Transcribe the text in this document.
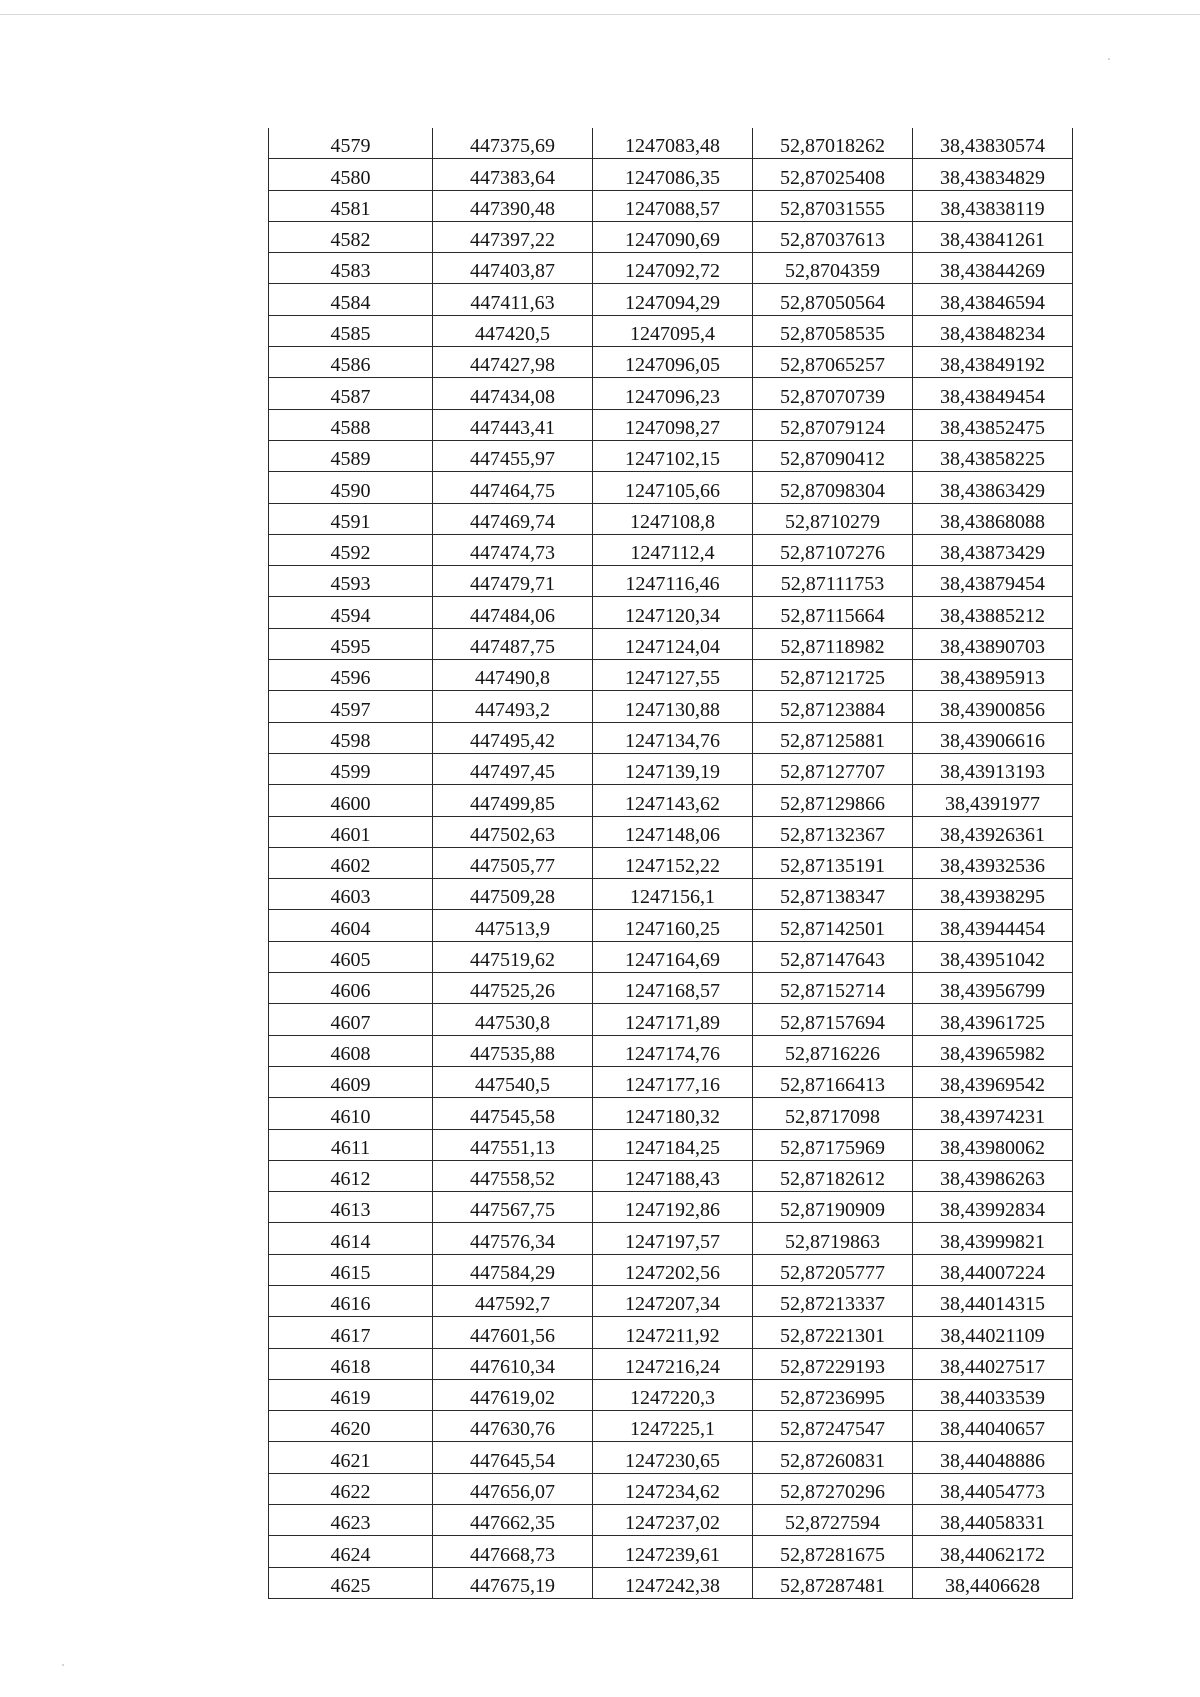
4579	447375,69	1247083,48	52,87018262	38,43830574
4580	447383,64	1247086,35	52,87025408	38,43834829
4581	447390,48	1247088,57	52,87031555	38,43838119
4582	447397,22	1247090,69	52,87037613	38,43841261
4583	447403,87	1247092,72	52,8704359	38,43844269
4584	447411,63	1247094,29	52,87050564	38,43846594
4585	447420,5	1247095,4	52,87058535	38,43848234
4586	447427,98	1247096,05	52,87065257	38,43849192
4587	447434,08	1247096,23	52,87070739	38,43849454
4588	447443,41	1247098,27	52,87079124	38,43852475
4589	447455,97	1247102,15	52,87090412	38,43858225
4590	447464,75	1247105,66	52,87098304	38,43863429
4591	447469,74	1247108,8	52,8710279	38,43868088
4592	447474,73	1247112,4	52,87107276	38,43873429
4593	447479,71	1247116,46	52,87111753	38,43879454
4594	447484,06	1247120,34	52,87115664	38,43885212
4595	447487,75	1247124,04	52,87118982	38,43890703
4596	447490,8	1247127,55	52,87121725	38,43895913
4597	447493,2	1247130,88	52,87123884	38,43900856
4598	447495,42	1247134,76	52,87125881	38,43906616
4599	447497,45	1247139,19	52,87127707	38,43913193
4600	447499,85	1247143,62	52,87129866	38,4391977
4601	447502,63	1247148,06	52,87132367	38,43926361
4602	447505,77	1247152,22	52,87135191	38,43932536
4603	447509,28	1247156,1	52,87138347	38,43938295
4604	447513,9	1247160,25	52,87142501	38,43944454
4605	447519,62	1247164,69	52,87147643	38,43951042
4606	447525,26	1247168,57	52,87152714	38,43956799
4607	447530,8	1247171,89	52,87157694	38,43961725
4608	447535,88	1247174,76	52,8716226	38,43965982
4609	447540,5	1247177,16	52,87166413	38,43969542
4610	447545,58	1247180,32	52,8717098	38,43974231
4611	447551,13	1247184,25	52,87175969	38,43980062
4612	447558,52	1247188,43	52,87182612	38,43986263
4613	447567,75	1247192,86	52,87190909	38,43992834
4614	447576,34	1247197,57	52,8719863	38,43999821
4615	447584,29	1247202,56	52,87205777	38,44007224
4616	447592,7	1247207,34	52,87213337	38,44014315
4617	447601,56	1247211,92	52,87221301	38,44021109
4618	447610,34	1247216,24	52,87229193	38,44027517
4619	447619,02	1247220,3	52,87236995	38,44033539
4620	447630,76	1247225,1	52,87247547	38,44040657
4621	447645,54	1247230,65	52,87260831	38,44048886
4622	447656,07	1247234,62	52,87270296	38,44054773
4623	447662,35	1247237,02	52,8727594	38,44058331
4624	447668,73	1247239,61	52,87281675	38,44062172
4625	447675,19	1247242,38	52,87287481	38,4406628
